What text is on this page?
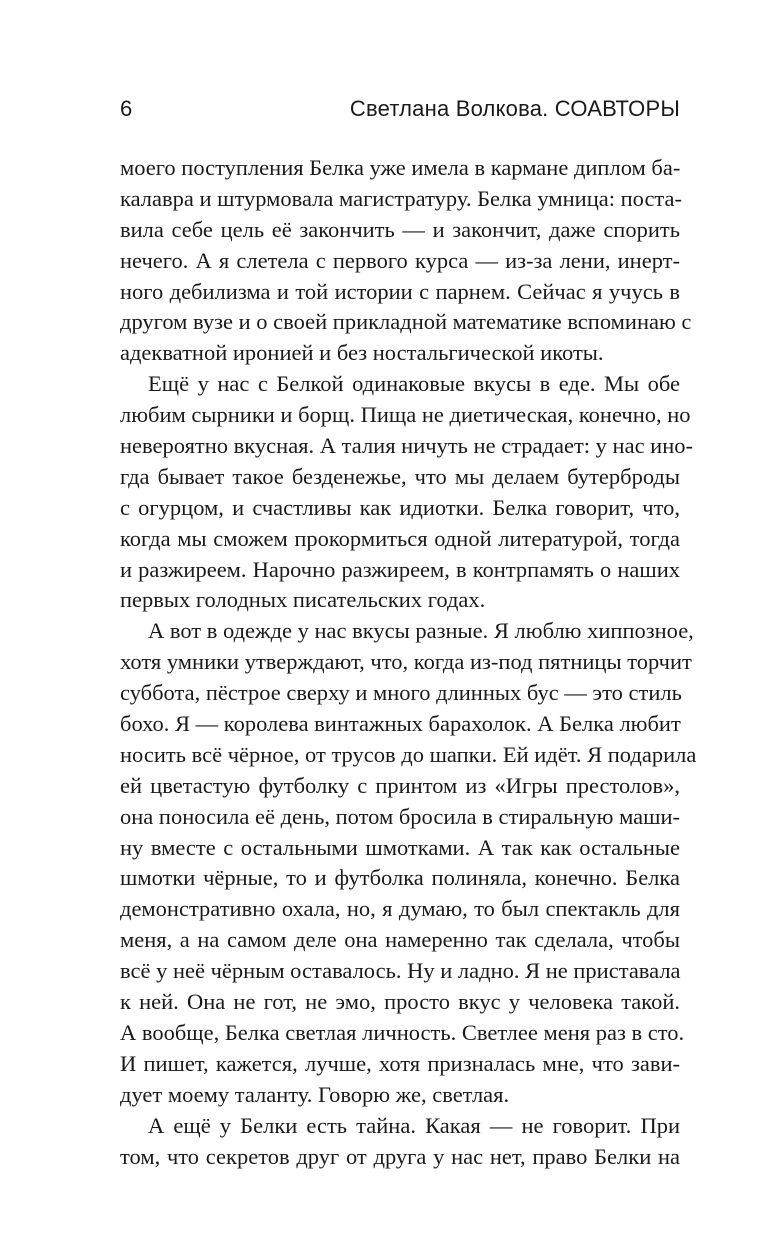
6	Светлана Волкова. СОАВТОРЫ
моего поступления Белка уже имела в кармане диплом ба-
калавра и штурмовала магистратуру. Белка умница: поста-
вила себе цель её закончить — и закончит, даже спорить
нечего. А я слетела с первого курса — из-за лени, инерт-
ного дебилизма и той истории с парнем. Сейчас я учусь в
другом вузе и о своей прикладной математике вспоминаю с
адекватной иронией и без ностальгической икоты.
Ещё у нас с Белкой одинаковые вкусы в еде. Мы обе
любим сырники и борщ. Пища не диетическая, конечно, но
невероятно вкусная. А талия ничуть не страдает: у нас ино-
гда бывает такое безденежье, что мы делаем бутерброды
с огурцом, и счастливы как идиотки. Белка говорит, что,
когда мы сможем прокормиться одной литературой, тогда
и разжиреем. Нарочно разжиреем, в контрпамять о наших
первых голодных писательских годах.
А вот в одежде у нас вкусы разные. Я люблю хиппозное,
хотя умники утверждают, что, когда из-под пятницы торчит
суббота, пёстрое сверху и много длинных бус — это стиль
бохо. Я — королева винтажных барахолок. А Белка любит
носить всё чёрное, от трусов до шапки. Ей идёт. Я подарила
ей цветастую футболку с принтом из «Игры престолов»,
она поносила её день, потом бросила в стиральную маши-
ну вместе с остальными шмотками. А так как остальные
шмотки чёрные, то и футболка полиняла, конечно. Белка
демонстративно охала, но, я думаю, то был спектакль для
меня, а на самом деле она намеренно так сделала, чтобы
всё у неё чёрным оставалось. Ну и ладно. Я не приставала
к ней. Она не гот, не эмо, просто вкус у человека такой.
А вообще, Белка светлая личность. Светлее меня раз в сто.
И пишет, кажется, лучше, хотя призналась мне, что зави-
дует моему таланту. Говорю же, светлая.
А ещё у Белки есть тайна. Какая — не говорит. При
том, что секретов друг от друга у нас нет, право Белки на
